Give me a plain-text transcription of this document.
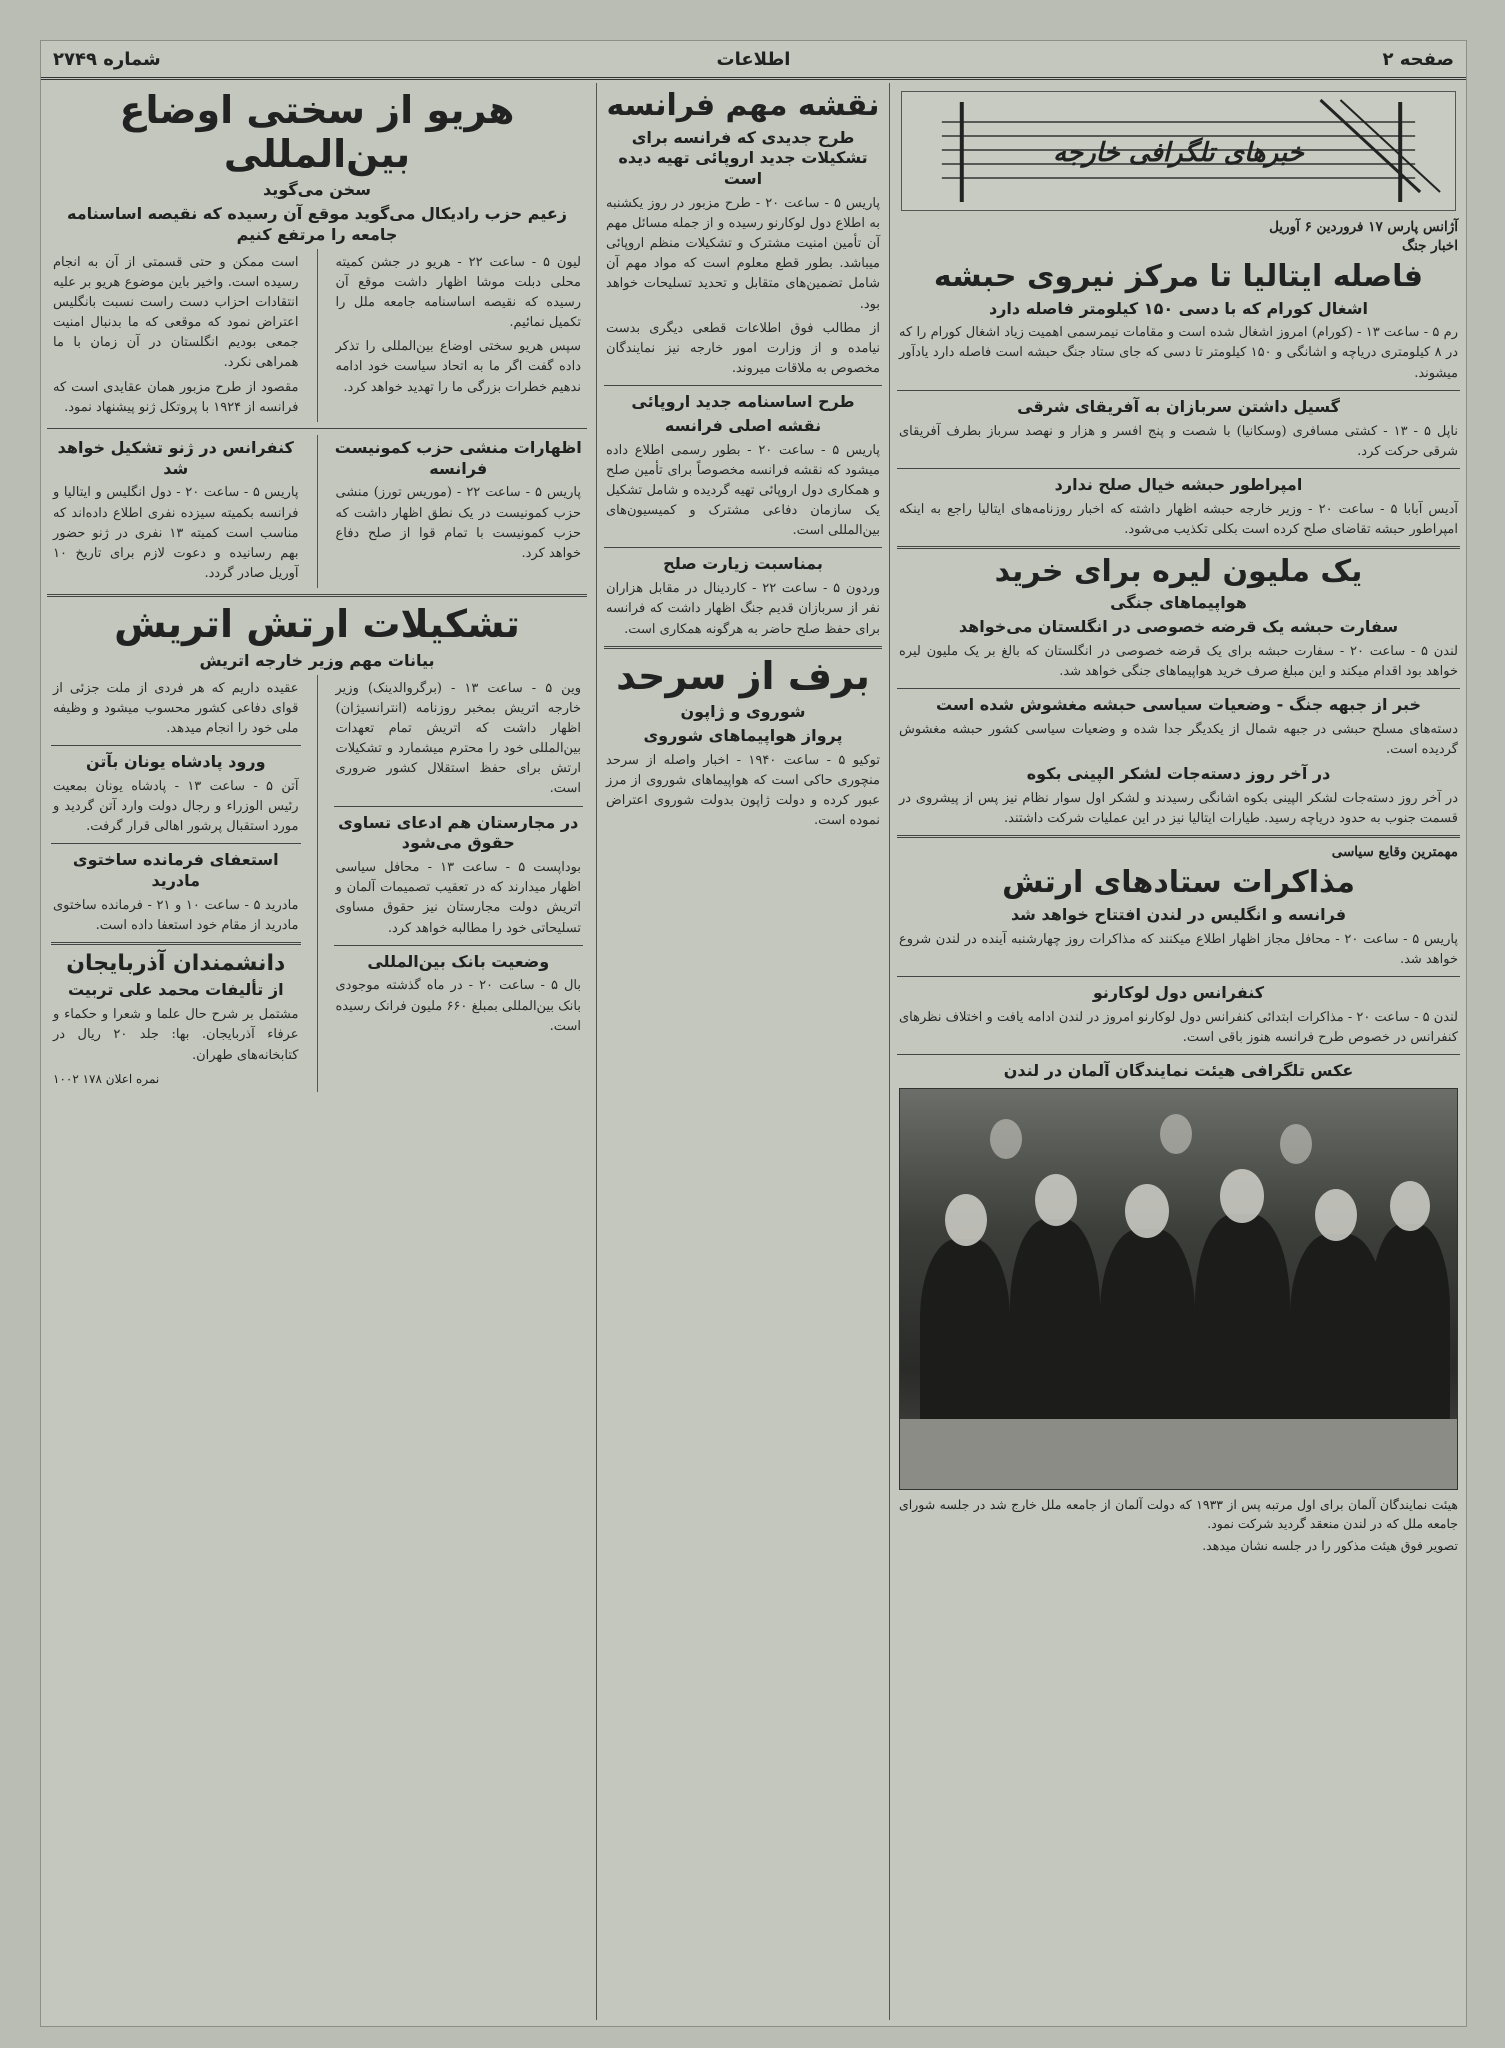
صفحه ۲
اطلاعات
شماره ۲۷۴۹
خبرهای تلگرافی خارجه
آژانس پارس ۱۷ فروردین ۶ آوریل
اخبار جنگ
فاصله ایتالیا تا مرکز نیروی حبشه
اشغال کورام که با دسی ۱۵۰ کیلومتر فاصله دارد
رم ۵ - ساعت ۱۳ - (کورام) امروز اشغال شده است و مقامات نیمرسمی اهمیت زیاد اشغال کورام را که در ۸ کیلومتری دریاچه و اشانگی و ۱۵۰ کیلومتر تا دسی که جای ستاد جنگ حبشه است فاصله دارد یادآور میشوند.
گسیل داشتن سربازان به آفریقای شرقی
ناپل ۵ - ۱۳ - کشتی مسافری (وسکانیا) با شصت و پنج افسر و هزار و نهصد سرباز بطرف آفریقای شرقی حرکت کرد.
امپراطور حبشه خیال صلح ندارد
آدیس آبابا ۵ - ساعت ۲۰ - وزیر خارجه حبشه اظهار داشته که اخبار روزنامه‌های ایتالیا راجع به اینکه امپراطور حبشه تقاضای صلح کرده است بکلی تکذیب می‌شود.
یک ملیون لیره برای خرید
هواپیماهای جنگی
سفارت حبشه یک قرضه خصوصی در انگلستان می‌خواهد
لندن ۵ - ساعت ۲۰ - سفارت حبشه برای یک قرضه خصوصی در انگلستان که بالغ بر یک ملیون لیره خواهد بود اقدام میکند و این مبلغ صرف خرید هواپیماهای جنگی خواهد شد.
خبر از جبهه جنگ - وضعیات سیاسی حبشه مغشوش شده است
دسته‌های مسلح حبشی در جبهه شمال از یکدیگر جدا شده و وضعیات سیاسی کشور حبشه مغشوش گردیده است.
در آخر روز دسته‌جات لشکر الپینی بکوه
در آخر روز دسته‌جات لشکر الپینی بکوه اشانگی رسیدند و لشکر اول سوار نظام نیز پس از پیشروی در قسمت جنوب به حدود دریاچه رسید. طیارات ایتالیا نیز در این عملیات شرکت داشتند.
مهمترین وقایع سیاسی
مذاکرات ستادهای ارتش
فرانسه و انگلیس در لندن افتتاح خواهد شد
پاریس ۵ - ساعت ۲۰ - محافل مجاز اظهار اطلاع میکنند که مذاکرات روز چهارشنبه آینده در لندن شروع خواهد شد.
کنفرانس دول لوکارنو
لندن ۵ - ساعت ۲۰ - مذاکرات ابتدائی کنفرانس دول لوکارنو امروز در لندن ادامه یافت و اختلاف نظرهای کنفرانس در خصوص طرح فرانسه هنوز باقی است.
عکس تلگرافی هیئت نمایندگان آلمان در لندن
هیئت نمایندگان آلمان برای اول مرتبه پس از ۱۹۳۳ که دولت آلمان از جامعه ملل خارج شد در جلسه شورای جامعه ملل که در لندن منعقد گردید شرکت نمود.
تصویر فوق هیئت مذکور را در جلسه نشان میدهد.
نقشه مهم فرانسه
طرح جدیدی که فرانسه برای تشکیلات جدید اروپائی تهیه دیده است
پاریس ۵ - ساعت ۲۰ - طرح مزبور در روز یکشنبه به اطلاع دول لوکارنو رسیده و از جمله مسائل مهم آن تأمین امنیت مشترک و تشکیلات منظم اروپائی میباشد. بطور قطع معلوم است که مواد مهم آن شامل تضمین‌های متقابل و تحدید تسلیحات خواهد بود.
از مطالب فوق اطلاعات قطعی دیگری بدست نیامده و از وزارت امور خارجه نیز نمایندگان مخصوص به ملاقات میروند.
طرح اساسنامه جدید اروپائی
نقشه اصلی فرانسه
پاریس ۵ - ساعت ۲۰ - بطور رسمی اطلاع داده میشود که نقشه فرانسه مخصوصاً برای تأمین صلح و همکاری دول اروپائی تهیه گردیده و شامل تشکیل یک سازمان دفاعی مشترک و کمیسیون‌های بین‌المللی است.
بمناسبت زیارت صلح
وردون ۵ - ساعت ۲۲ - کاردینال در مقابل هزاران نفر از سربازان قدیم جنگ اظهار داشت که فرانسه برای حفظ صلح حاضر به هرگونه همکاری است.
برف از سرحد
شوروی و ژاپون
پرواز هواپیماهای شوروی
توکیو ۵ - ساعت ۱۹۴۰ - اخبار واصله از سرحد منچوری حاکی است که هواپیماهای شوروی از مرز عبور کرده و دولت ژاپون بدولت شوروی اعتراض نموده است.
هریو از سختی اوضاع بین‌المللی
سخن می‌گوید
زعیم حزب رادیکال می‌گوید موقع آن رسیده که نقیصه اساسنامه جامعه را مرتفع کنیم
لیون ۵ - ساعت ۲۲ - هریو در جشن کمیته محلی دبلت موشا اظهار داشت موقع آن رسیده که نقیصه اساسنامه جامعه ملل را تکمیل نمائیم.
سپس هریو سختی اوضاع بین‌المللی را تذکر داده گفت اگر ما به اتحاد سیاست خود ادامه ندهیم خطرات بزرگی ما را تهدید خواهد کرد.
است ممکن و حتی قسمتی از آن به انجام رسیده است. واخیر باین موضوع هریو بر علیه انتقادات احزاب دست راست نسبت بانگلیس اعتراض نمود که موقعی که ما بدنبال امنیت جمعی بودیم انگلستان در آن زمان با ما همراهی نکرد.
مقصود از طرح مزبور همان عقایدی است که فرانسه از ۱۹۲۴ با پروتکل ژنو پیشنهاد نمود.
اظهارات منشی حزب کمونیست فرانسه
پاریس ۵ - ساعت ۲۲ - (موریس تورز) منشی حزب کمونیست در یک نطق اظهار داشت که حزب کمونیست با تمام قوا از صلح دفاع خواهد کرد.
کنفرانس در ژنو تشکیل خواهد شد
پاریس ۵ - ساعت ۲۰ - دول انگلیس و ایتالیا و فرانسه بکمیته سیزده نفری اطلاع داده‌اند که مناسب است کمیته ۱۳ نفری در ژنو حضور بهم رسانیده و دعوت لازم برای تاریخ ۱۰ آوریل صادر گردد.
تشکیلات ارتش اتریش
بیانات مهم وزیر خارجه اتریش
وین ۵ - ساعت ۱۳ - (برگروالدینک) وزیر خارجه اتریش بمخبر روزنامه (انترانسیژان) اظهار داشت که اتریش تمام تعهدات بین‌المللی خود را محترم میشمارد و تشکیلات ارتش برای حفظ استقلال کشور ضروری است.
در مجارستان هم ادعای تساوی حقوق می‌شود
بوداپست ۵ - ساعت ۱۳ - محافل سیاسی اظهار میدارند که در تعقیب تصمیمات آلمان و اتریش دولت مجارستان نیز حقوق مساوی تسلیحاتی خود را مطالبه خواهد کرد.
وضعیت بانک بین‌المللی
بال ۵ - ساعت ۲۰ - در ماه گذشته موجودی بانک بین‌المللی بمبلغ ۶۶۰ ملیون فرانک رسیده است.
عقیده داریم که هر فردی از ملت جزئی از قوای دفاعی کشور محسوب میشود و وظیفه ملی خود را انجام میدهد.
ورود پادشاه یونان بآتن
آتن ۵ - ساعت ۱۳ - پادشاه یونان بمعیت رئیس الوزراء و رجال دولت وارد آتن گردید و مورد استقبال پرشور اهالی قرار گرفت.
استعفای فرمانده ساختوی مادرید
مادرید ۵ - ساعت ۱۰ و ۲۱ - فرمانده ساختوی مادرید از مقام خود استعفا داده است.
دانشمندان آذربایجان
از تألیفات محمد علی تربیت
مشتمل بر شرح حال علما و شعرا و حکماء و عرفاء آذربایجان. بها: جلد ۲۰ ریال در کتابخانه‌های طهران.
نمره اعلان ۱۷۸ ۱۰۰۲
